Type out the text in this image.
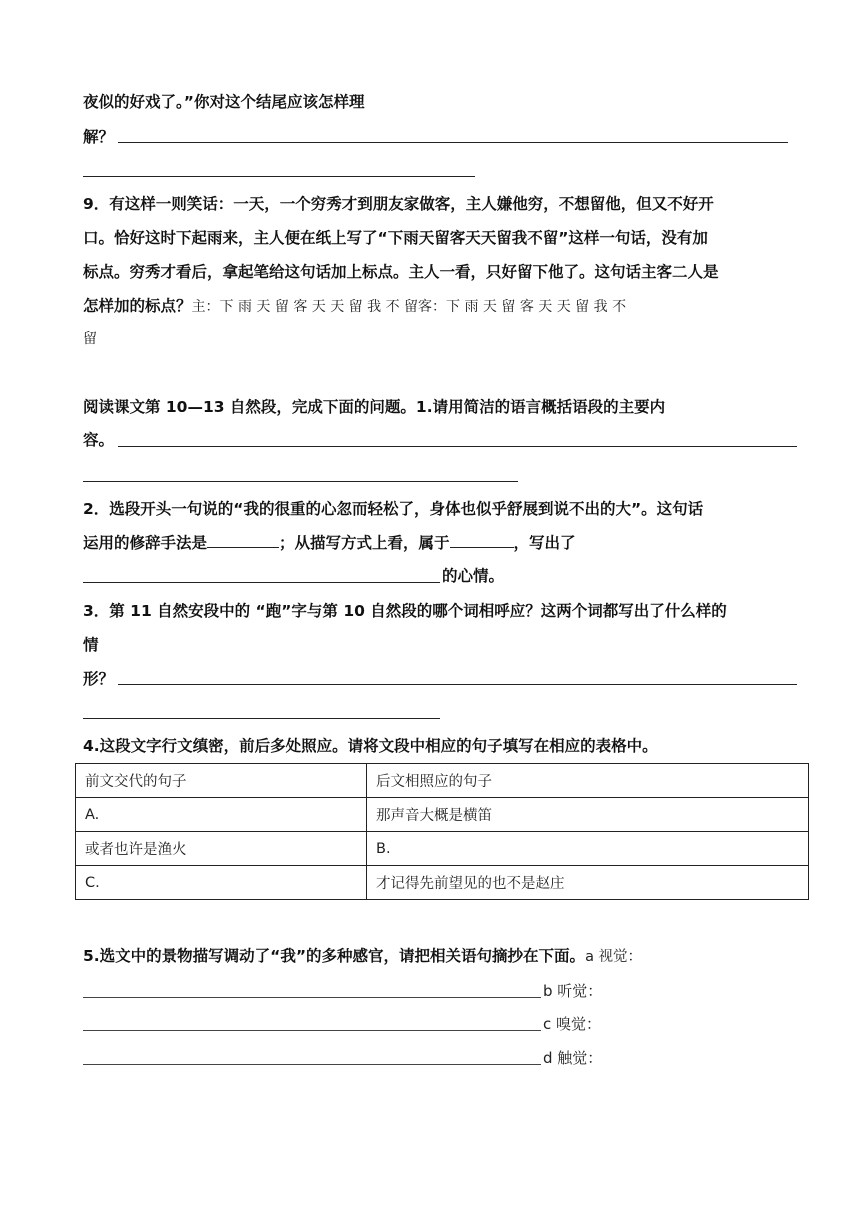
夜似的好戏了。”你对这个结尾应该怎样理
解？
9．有这样一则笑话：一天，一个穷秀才到朋友家做客，主人嫌他穷，不想留他，但又不好开
口。恰好这时下起雨来，主人便在纸上写了“下雨天留客天天留我不留”这样一句话，没有加
标点。穷秀才看后，拿起笔给这句话加上标点。主人一看，只好留下他了。这句话主客二人是
怎样加的标点？主：下 雨 天 留 客 天 天 留 我 不 留客：下 雨 天 留 客 天 天 留 我 不
留
阅读课文第 10—13 自然段，完成下面的问题。1.请用简洁的语言概括语段的主要内
容。
2．选段开头一句说的“我的很重的心忽而轻松了，身体也似乎舒展到说不出的大”。这句话
运用的修辞手法是	；从描写方式上看，属于	，写出了
的心情。
3．第 11 自然安段中的 “跑”字与第 10 自然段的哪个词相呼应？这两个词都写出了什么样的
情
形？
4.这段文字行文缜密，前后多处照应。请将文段中相应的句子填写在相应的表格中。
前文交代的句子	后文相照应的句子
A.	那声音大概是横笛
或者也许是渔火	B.
C.	才记得先前望见的也不是赵庄
5.选文中的景物描写调动了“我”的多种感官，请把相关语句摘抄在下面。a 视觉：
b 听觉：
c 嗅觉：
d 触觉：
